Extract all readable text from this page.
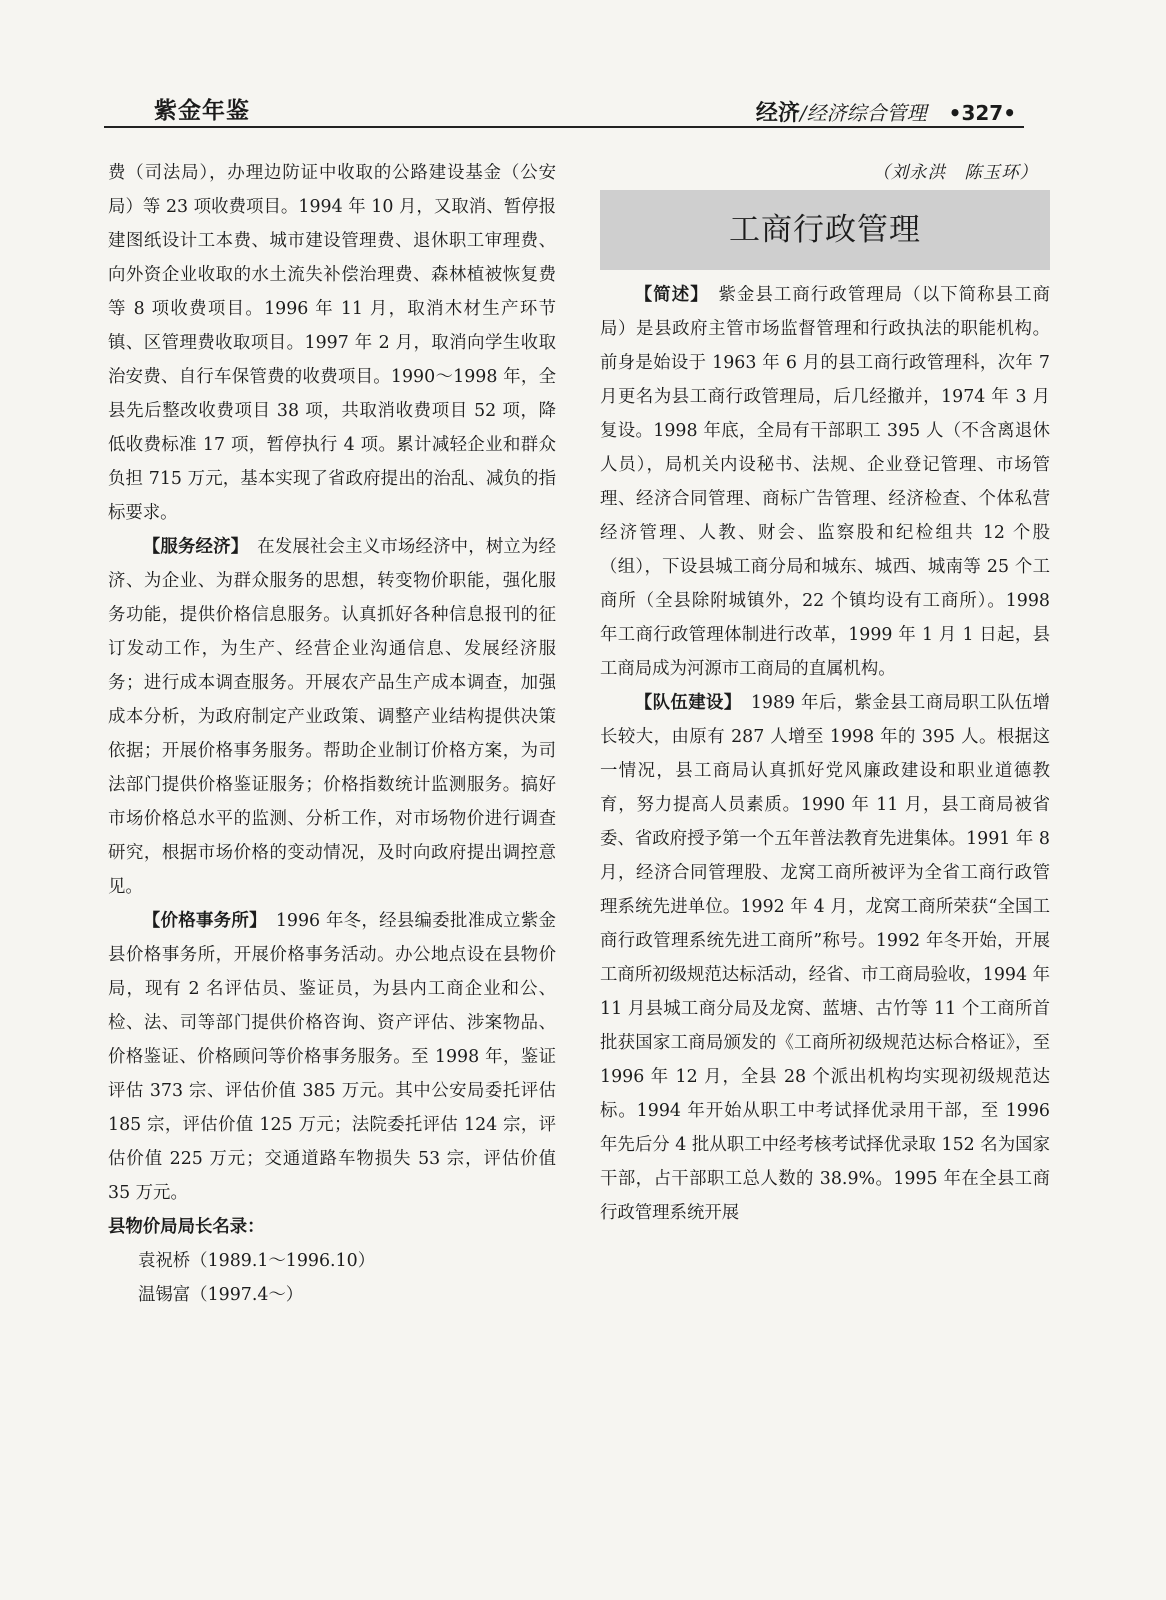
紫金年鉴	经济/经济综合管理 •327•

费（司法局），办理边防证中收取的公路建设基金（公安局）等 23 项收费项目。1994 年 10 月，又取消、暂停报建图纸设计工本费、城市建设管理费、退休职工审理费、向外资企业收取的水土流失补偿治理费、森林植被恢复费等 8 项收费项目。1996 年 11 月，取消木材生产环节镇、区管理费收取项目。1997 年 2 月，取消向学生收取治安费、自行车保管费的收费项目。1990～1998 年，全县先后整改收费项目 38 项，共取消收费项目 52 项，降低收费标准 17 项，暂停执行 4 项。累计减轻企业和群众负担 715 万元，基本实现了省政府提出的治乱、减负的指标要求。

【服务经济】　 在发展社会主义市场经济中，树立为经济、为企业、为群众服务的思想，转变物价职能，强化服务功能，提供价格信息服务。认真抓好各种信息报刊的征订发动工作，为生产、经营企业沟通信息、发展经济服务；进行成本调查服务。开展农产品生产成本调查，加强成本分析，为政府制定产业政策、调整产业结构提供决策依据；开展价格事务服务。帮助企业制订价格方案，为司法部门提供价格鉴证服务；价格指数统计监测服务。搞好市场价格总水平的监测、分析工作，对市场物价进行调查研究，根据市场价格的变动情况，及时向政府提出调控意见。

【价格事务所】　 1996 年冬，经县编委批准成立紫金县价格事务所，开展价格事务活动。办公地点设在县物价局，现有 2 名评估员、鉴证员，为县内工商企业和公、检、法、司等部门提供价格咨询、资产评估、涉案物品、价格鉴证、价格顾问等价格事务服务。至 1998 年，鉴证评估 373 宗、评估价值 385 万元。其中公安局委托评估 185 宗，评估价值 125 万元；法院委托评估 124 宗，评估价值 225 万元；交通道路车物损失 53 宗，评估价值 35 万元。

县物价局局长名录：

袁祝桥（1989.1～1996.10）

温锡富（1997.4～）

（刘永洪　陈玉环）

工商行政管理

【简述】　 紫金县工商行政管理局（以下简称县工商局）是县政府主管市场监督管理和行政执法的职能机构。前身是始设于 1963 年 6 月的县工商行政管理科，次年 7 月更名为县工商行政管理局，后几经撤并，1974 年 3 月复设。1998 年底，全局有干部职工 395 人（不含离退休人员），局机关内设秘书、法规、企业登记管理、市场管理、经济合同管理、商标广告管理、经济检查、个体私营经济管理、人教、财会、监察股和纪检组共 12 个股（组），下设县城工商分局和城东、城西、城南等 25 个工商所（全县除附城镇外，22 个镇均设有工商所）。1998 年工商行政管理体制进行改革，1999 年 1 月 1 日起，县工商局成为河源市工商局的直属机构。

【队伍建设】　 1989 年后，紫金县工商局职工队伍增长较大，由原有 287 人增至 1998 年的 395 人。根据这一情况，县工商局认真抓好党风廉政建设和职业道德教育，努力提高人员素质。1990 年 11 月，县工商局被省委、省政府授予第一个五年普法教育先进集体。1991 年 8 月，经济合同管理股、龙窝工商所被评为全省工商行政管理系统先进单位。1992 年 4 月，龙窝工商所荣获“全国工商行政管理系统先进工商所”称号。1992 年冬开始，开展工商所初级规范达标活动，经省、市工商局验收，1994 年 11 月县城工商分局及龙窝、蓝塘、古竹等 11 个工商所首批获国家工商局颁发的《工商所初级规范达标合格证》，至 1996 年 12 月，全县 28 个派出机构均实现初级规范达标。1994 年开始从职工中考试择优录用干部，至 1996 年先后分 4 批从职工中经考核考试择优录取 152 名为国家干部，占干部职工总人数的 38.9%。1995 年在全县工商行政管理系统开展
